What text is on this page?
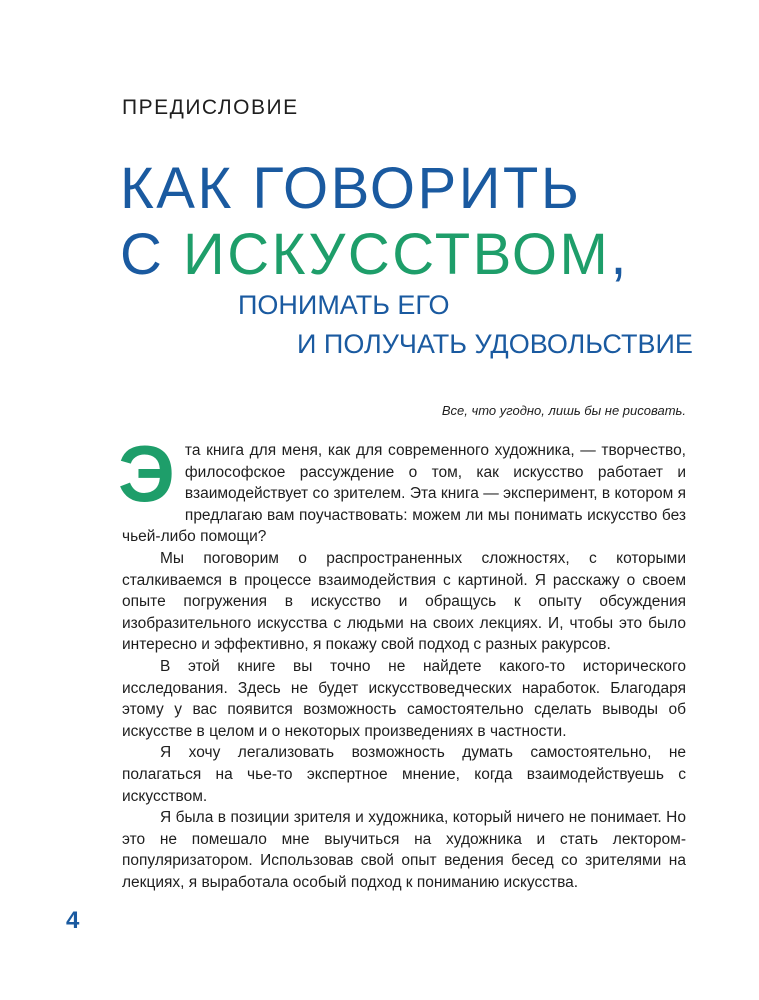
ПРЕДИСЛОВИЕ
КАК ГОВОРИТЬ
С ИСКУССТВОМ,
ПОНИМАТЬ ЕГО
И ПОЛУЧАТЬ УДОВОЛЬСТВИЕ
Все, что угодно, лишь бы не рисовать.

Эта книга для меня, как для современного художника, — творчество, философское рассуждение о том, как искусство работает и взаимодействует со зрителем. Эта книга — эксперимент, в котором я предлагаю вам поучаствовать: можем ли мы понимать искусство без чьей-либо помощи?

Мы поговорим о распространенных сложностях, с которыми сталкиваемся в процессе взаимодействия с картиной. Я расскажу о своем опыте погружения в искусство и обращусь к опыту обсуждения изобразительного искусства с людьми на своих лекциях. И, чтобы это было интересно и эффективно, я покажу свой подход с разных ракурсов.

В этой книге вы точно не найдете какого-то исторического исследования. Здесь не будет искусствоведческих наработок. Благодаря этому у вас появится возможность самостоятельно сделать выводы об искусстве в целом и о некоторых произведениях в частности.

Я хочу легализовать возможность думать самостоятельно, не полагаться на чье-то экспертное мнение, когда взаимодействуешь с искусством.

Я была в позиции зрителя и художника, который ничего не понимает. Но это не помешало мне выучиться на художника и стать лектором-популяризатором. Использовав свой опыт ведения бесед со зрителями на лекциях, я выработала особый подход к пониманию искусства.

4
